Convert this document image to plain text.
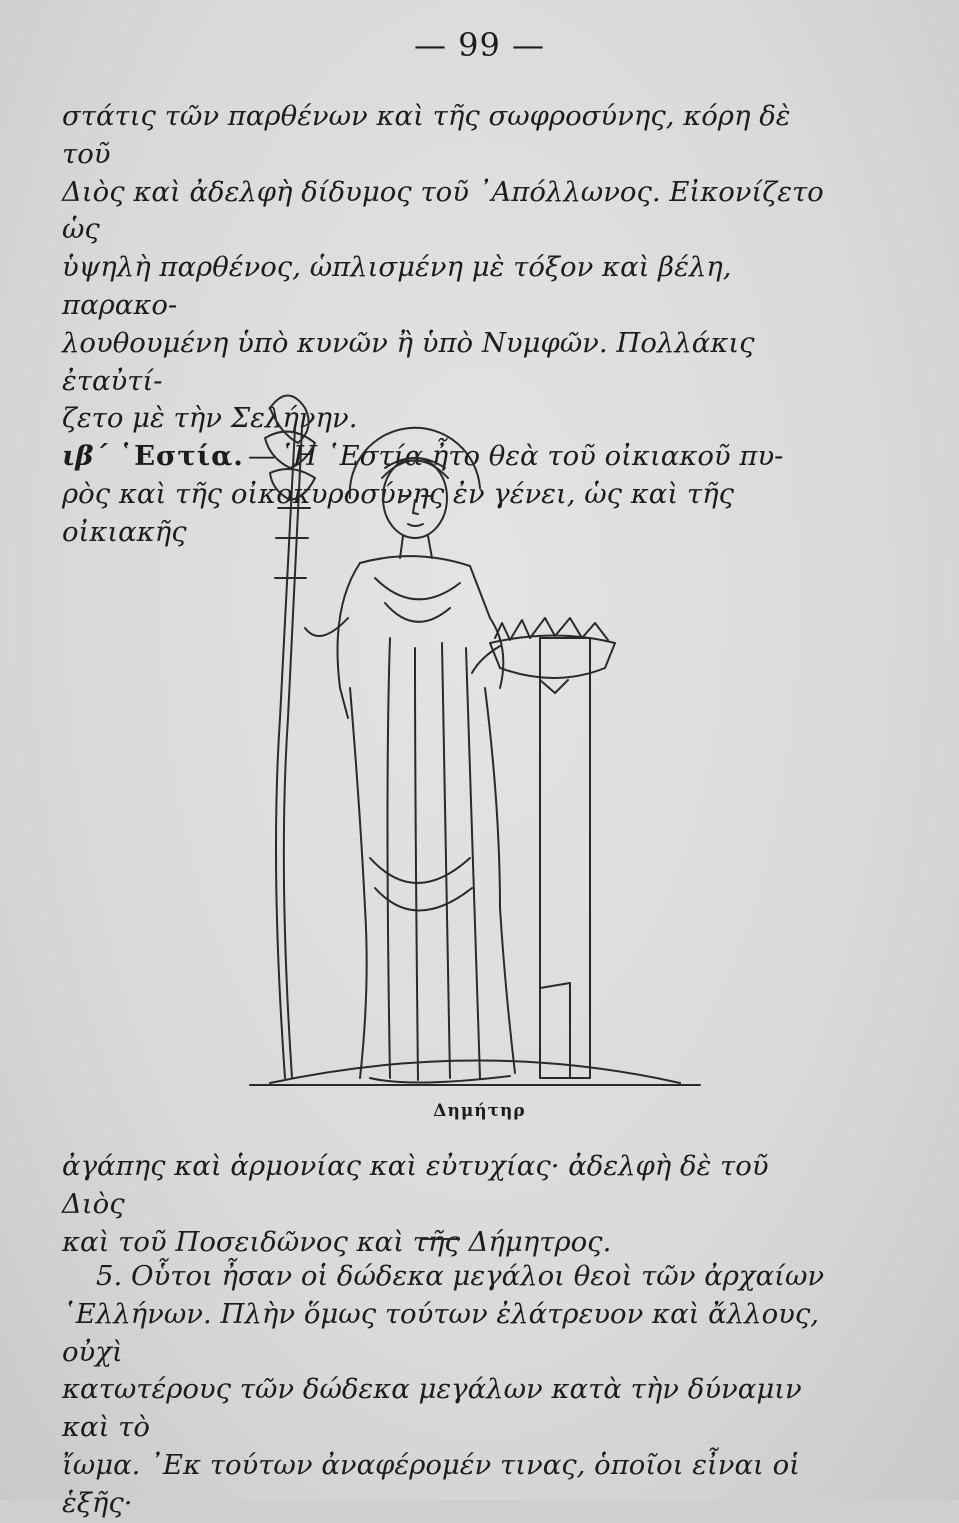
— 99 —

στάτις τῶν παρθένων καὶ τῆς σωφροσύνης, κόρη δὲ τοῦ

Διὸς καὶ ἀδελφὴ δίδυμος τοῦ ᾿Απόλλωνος. Εἰκονίζετο ὡς

ὑψηλὴ παρθένος, ὡπλισμένη μὲ τόξον καὶ βέλη, παρακο-

λουθουμένη ὑπὸ κυνῶν ἢ ὑπὸ Νυμφῶν. Πολλάκις ἐταὐτί-

ζετο μὲ τὴν Σελήνην.

ιβ΄ ῾Εστία. — ῾Η ῾Εστία ἦτο θεὰ τοῦ οἰκιακοῦ πυ-

ρὸς καὶ τῆς οἰκοκυροσύνης ἐν γένει, ὡς καὶ τῆς οἰκιακῆς

Δημήτηρ

ἀγάπης καὶ ἁρμονίας καὶ εὐτυχίας· ἀδελφὴ δὲ τοῦ Διὸς

καὶ τοῦ Ποσειδῶνος καὶ τῆς Δήμητρος.

5. Οὗτοι ἦσαν οἱ δώδεκα μεγάλοι θεοὶ τῶν ἀρχαίων

῾Ελλήνων. Πλὴν ὅμως τούτων ἐλάτρευον καὶ ἄλλους, οὐχὶ

κατωτέρους τῶν δώδεκα μεγάλων κατὰ τὴν δύναμιν καὶ τὸ

ἴωμα. ᾿Εκ τούτων ἀναφέρομέν τινας, ὁποῖοι εἶναι οἱ ἑξῆς·
